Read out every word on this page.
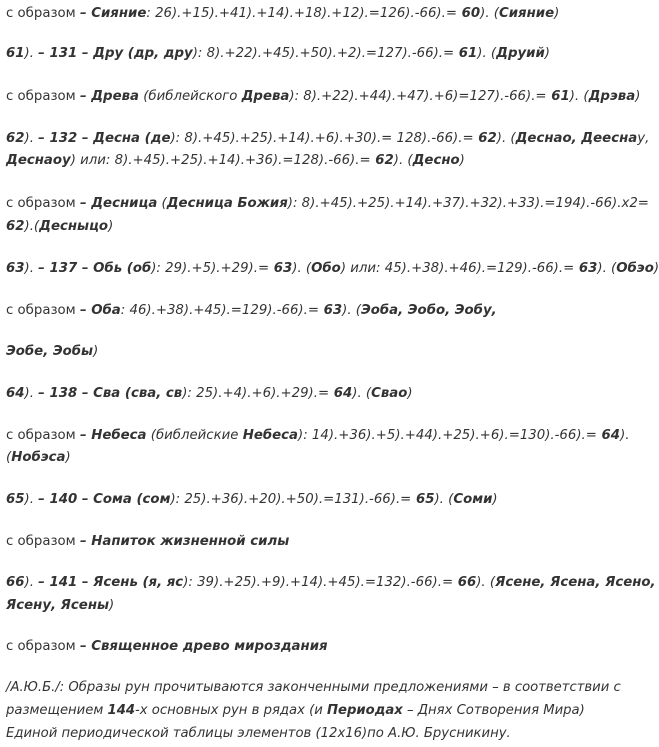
с образом – Сияние: 26).+15).+41).+14).+18).+12).=126).-66).= 60). (Сияние)
61). – 131 – Дру (др, дру): 8).+22).+45).+50).+2).=127).-66).= 61). (Друий)
с образом – Древа (библейского Древа): 8).+22).+44).+47).+6)=127).-66).= 61). (Дрэва)
62). – 132 – Десна (де): 8).+45).+25).+14).+6).+30).= 128).-66).= 62). (Деснао, Дееснау,
Деснаоу) или: 8).+45).+25).+14).+36).=128).-66).= 62). (Десно)
с образом – Десница (Десница Божия): 8).+45).+25).+14).+37).+32).+33).=194).-66).x2=
62).(Десныцо)
63). – 137 – Обь (об): 29).+5).+29).= 63). (Обо) или: 45).+38).+46).=129).-66).= 63). (Обэо)
с образом – Оба: 46).+38).+45).=129).-66).= 63). (Эоба, Эобо, Эобу,
Эобе, Эобы)
64). – 138 – Сва (сва, св): 25).+4).+6).+29).= 64). (Свао)
с образом – Небеса (библейские Небеса): 14).+36).+5).+44).+25).+6).=130).-66).= 64).
(Нобэса)
65). – 140 – Сома (сом): 25).+36).+20).+50).=131).-66).= 65). (Соми)
с образом – Напиток жизненной силы
66). – 141 – Ясень (я, яс): 39).+25).+9).+14).+45).=132).-66).= 66). (Ясене, Ясена, Ясено,
Ясену, Ясены)
с образом – Священное древо мироздания
/А.Ю.Б./: Образы рун прочитываются законченными предложениями – в соответствии с
размещением 144-х основных рун в рядах (и Периодах – Днях Сотворения Мира)
Единой периодической таблицы элементов (12х16)по А.Ю. Брусникину.
